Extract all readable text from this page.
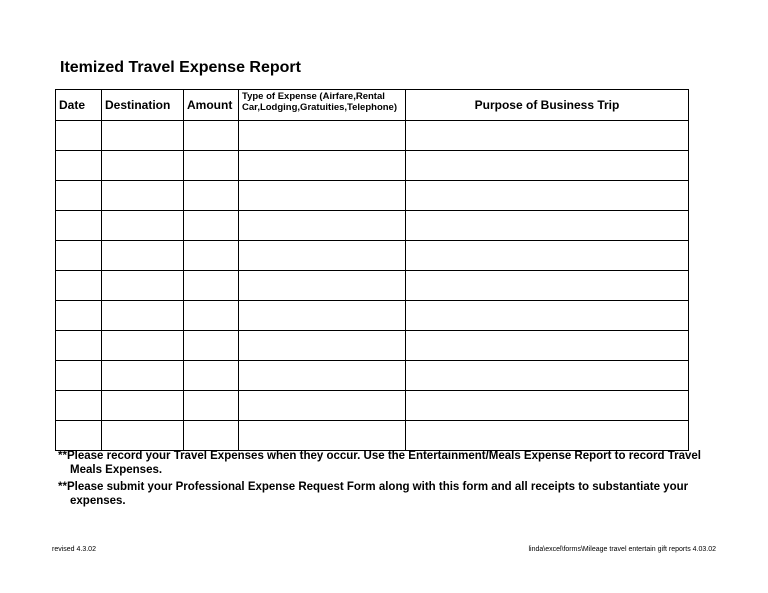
Itemized Travel Expense Report
Date	Destination	Amount	Type of Expense (Airfare,Rental Car,Lodging,Gratuities,Telephone)	Purpose of Business Trip

**Please record your Travel Expenses when they occur. Use the Entertainment/Meals Expense Report to record Travel Meals Expenses.

**Please submit your Professional Expense Request Form along with this form and all receipts to substantiate your expenses.

revised 4.3.02	linda\excel\forms\Mileage travel entertain gift reports 4.03.02
